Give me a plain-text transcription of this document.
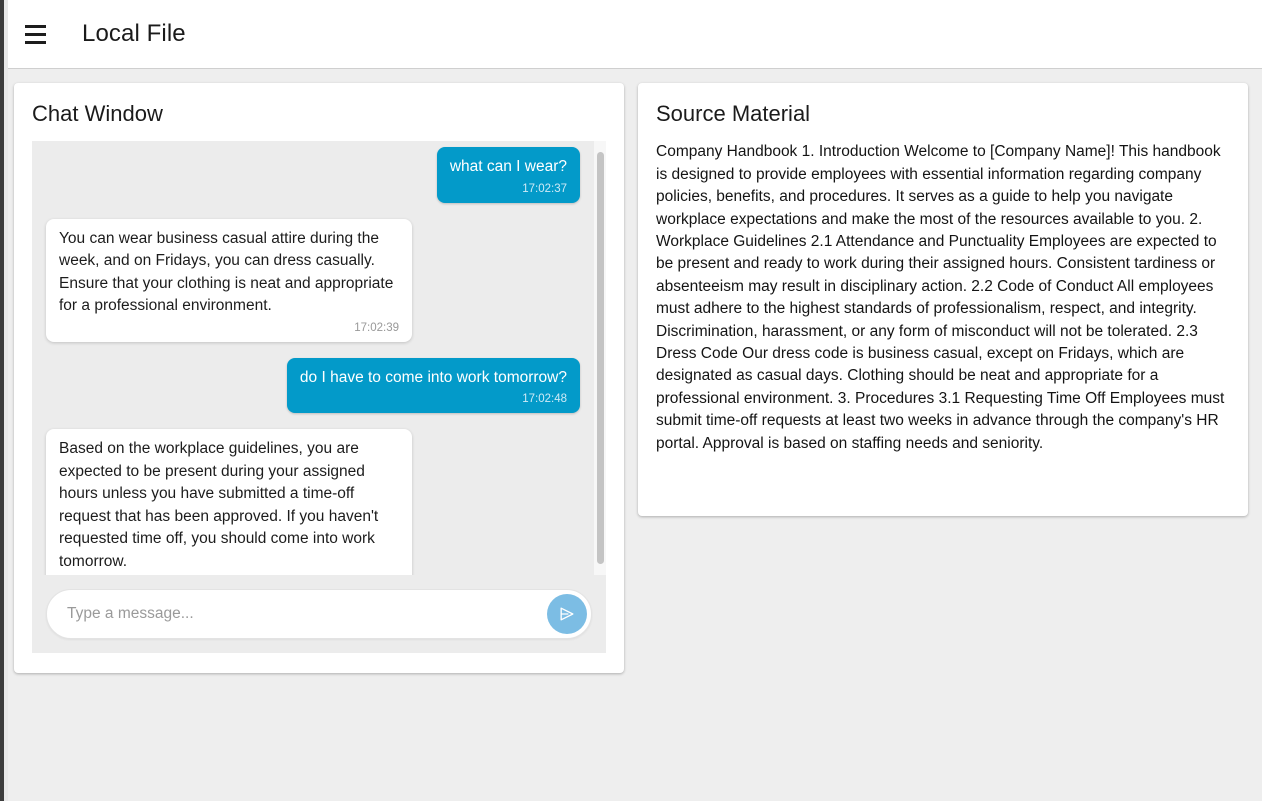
Local File
Chat Window
what can I wear?
17:02:37
You can wear business casual attire during the week, and on Fridays, you can dress casually. Ensure that your clothing is neat and appropriate for a professional environment.
17:02:39
do I have to come into work tomorrow?
17:02:48
Based on the workplace guidelines, you are expected to be present during your assigned hours unless you have submitted a time-off request that has been approved. If you haven't requested time off, you should come into work tomorrow.
Type a message...
Source Material
Company Handbook 1. Introduction Welcome to [Company Name]! This handbook is designed to provide employees with essential information regarding company policies, benefits, and procedures. It serves as a guide to help you navigate workplace expectations and make the most of the resources available to you. 2. Workplace Guidelines 2.1 Attendance and Punctuality Employees are expected to be present and ready to work during their assigned hours. Consistent tardiness or absenteeism may result in disciplinary action. 2.2 Code of Conduct All employees must adhere to the highest standards of professionalism, respect, and integrity. Discrimination, harassment, or any form of misconduct will not be tolerated. 2.3 Dress Code Our dress code is business casual, except on Fridays, which are designated as casual days. Clothing should be neat and appropriate for a professional environment. 3. Procedures 3.1 Requesting Time Off Employees must submit time-off requests at least two weeks in advance through the company's HR portal. Approval is based on staffing needs and seniority.
